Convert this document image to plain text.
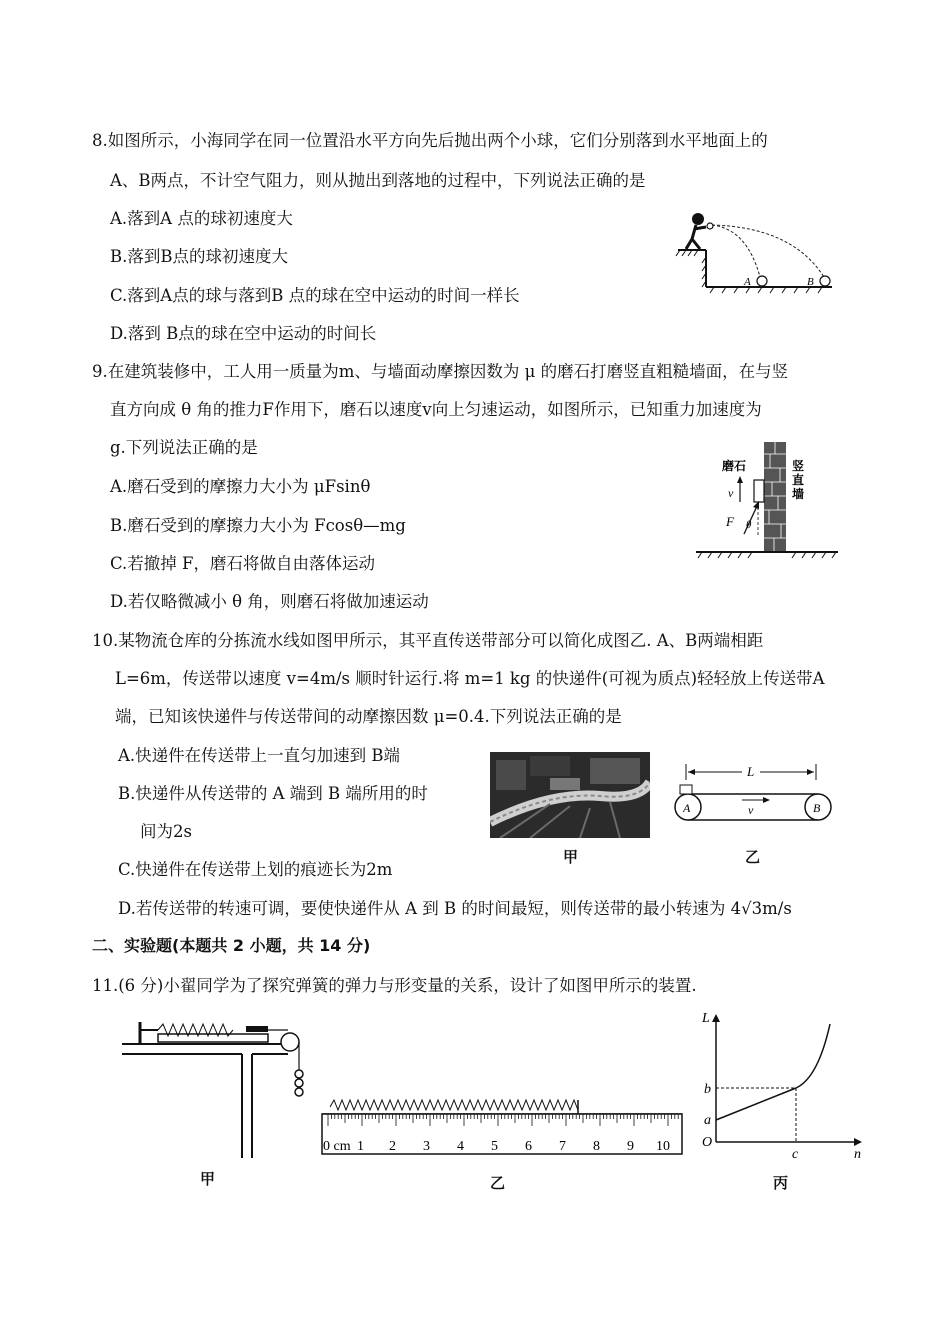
8.如图所示，小海同学在同一位置沿水平方向先后抛出两个小球，它们分别落到水平地面上的
A、B两点，不计空气阻力，则从抛出到落地的过程中，下列说法正确的是
A.落到A 点的球初速度大
B.落到B点的球初速度大
C.落到A点的球与落到B 点的球在空中运动的时间一样长
D.落到 B点的球在空中运动的时间长
A	B
9.在建筑装修中，工人用一质量为m、与墙面动摩擦因数为 μ 的磨石打磨竖直粗糙墙面，在与竖
直方向成 θ 角的推力F作用下，磨石以速度v向上匀速运动，如图所示，已知重力加速度为
g.下列说法正确的是
A.磨石受到的摩擦力大小为 μFsinθ
B.磨石受到的摩擦力大小为 Fcosθ—mg
C.若撤掉 F，磨石将做自由落体运动
D.若仅略微减小 θ 角，则磨石将做加速运动
磨石
v
F θ
竖
直
墙
10.某物流仓库的分拣流水线如图甲所示，其平直传送带部分可以简化成图乙. A、B两端相距
L=6m，传送带以速度 v=4m/s 顺时针运行.将 m=1 kg 的快递件(可视为质点)轻轻放上传送带A
端，已知该快递件与传送带间的动摩擦因数 μ=0.4.下列说法正确的是
A.快递件在传送带上一直匀加速到 B端
B.快递件从传送带的 A 端到 B 端所用的时
间为2s
C.快递件在传送带上划的痕迹长为2m
D.若传送带的转速可调，要使快递件从 A 到 B 的时间最短，则传送带的最小转速为 4√3m/s
甲
L
A	B
v
乙
二、实验题(本题共 2 小题，共 14 分)
11.(6 分)小翟同学为了探究弹簧的弹力与形变量的关系，设计了如图甲所示的装置.
甲
0 cm 1 2 3 4 5 6 7 8 9 10
乙
L
b
a
O
c	n
丙
